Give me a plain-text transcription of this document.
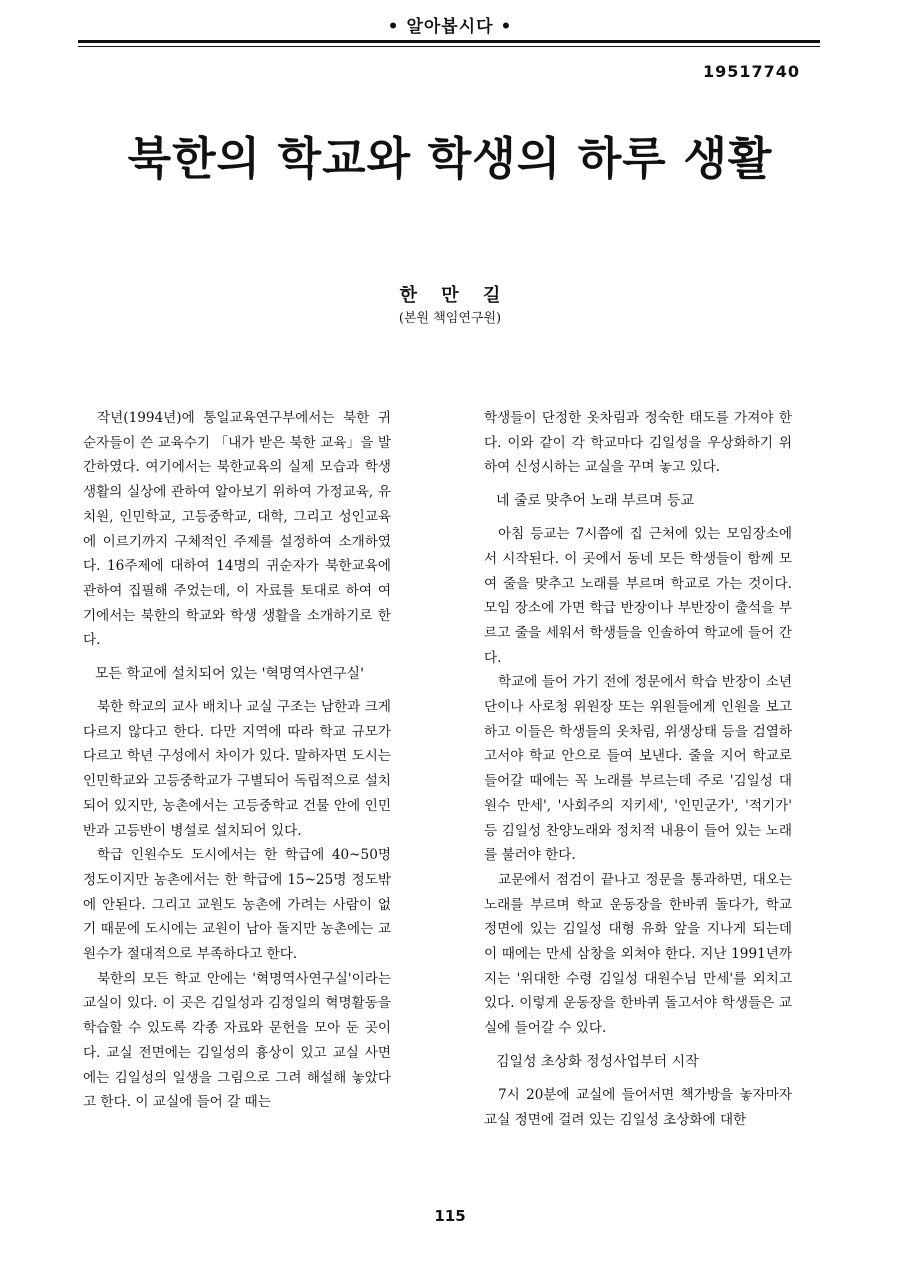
• 알아봅시다 •
19517740
북한의 학교와 학생의 하루 생활
한 만 길
(본원 책임연구원)

작년(1994년)에 통일교육연구부에서는 북한 귀순자들이 쓴 교육수기 「내가 받은 북한 교육」을 발간하였다. 여기에서는 북한교육의 실제 모습과 학생생활의 실상에 관하여 알아보기 위하여 가정교육, 유치원, 인민학교, 고등중학교, 대학, 그리고 성인교육에 이르기까지 구체적인 주제를 설정하여 소개하였다. 16주제에 대하여 14명의 귀순자가 북한교육에 관하여 집필해 주었는데, 이 자료를 토대로 하여 여기에서는 북한의 학교와 학생 생활을 소개하기로 한다.

모든 학교에 설치되어 있는 '혁명역사연구실'

북한 학교의 교사 배치나 교실 구조는 남한과 크게 다르지 않다고 한다. 다만 지역에 따라 학교 규모가 다르고 학년 구성에서 차이가 있다. 말하자면 도시는 인민학교와 고등중학교가 구별되어 독립적으로 설치되어 있지만, 농촌에서는 고등중학교 건물 안에 인민반과 고등반이 병설로 설치되어 있다.

학급 인원수도 도시에서는 한 학급에 40~50명 정도이지만 농촌에서는 한 학급에 15~25명 정도밖에 안된다. 그리고 교원도 농촌에 가려는 사람이 없기 때문에 도시에는 교원이 남아 돌지만 농촌에는 교원수가 절대적으로 부족하다고 한다.

북한의 모든 학교 안에는 '혁명역사연구실'이라는 교실이 있다. 이 곳은 김일성과 김정일의 혁명활동을 학습할 수 있도록 각종 자료와 문헌을 모아 둔 곳이다. 교실 전면에는 김일성의 흉상이 있고 교실 사면에는 김일성의 일생을 그림으로 그려 해설해 놓았다고 한다. 이 교실에 들어 갈 때는

학생들이 단정한 옷차림과 정숙한 태도를 가져야 한다. 이와 같이 각 학교마다 김일성을 우상화하기 위하여 신성시하는 교실을 꾸며 놓고 있다.

네 줄로 맞추어 노래 부르며 등교

아침 등교는 7시쯤에 집 근처에 있는 모임장소에서 시작된다. 이 곳에서 동네 모든 학생들이 함께 모여 줄을 맞추고 노래를 부르며 학교로 가는 것이다. 모임 장소에 가면 학급 반장이나 부반장이 출석을 부르고 줄을 세워서 학생들을 인솔하여 학교에 들어 간다.

학교에 들어 가기 전에 정문에서 학습 반장이 소년단이나 사로청 위원장 또는 위원들에게 인원을 보고하고 이들은 학생들의 옷차림, 위생상태 등을 검열하고서야 학교 안으로 들여 보낸다. 줄을 지어 학교로 들어갈 때에는 꼭 노래를 부르는데 주로 '김일성 대원수 만세', '사회주의 지키세', '인민군가', '적기가' 등 김일성 찬양노래와 정치적 내용이 들어 있는 노래를 불러야 한다.

교문에서 점검이 끝나고 정문을 통과하면, 대오는 노래를 부르며 학교 운동장을 한바퀴 돌다가, 학교 정면에 있는 김일성 대형 유화 앞을 지나게 되는데 이 때에는 만세 삼창을 외쳐야 한다. 지난 1991년까지는 '위대한 수령 김일성 대원수님 만세'를 외치고 있다. 이렇게 운동장을 한바퀴 돌고서야 학생들은 교실에 들어갈 수 있다.

김일성 초상화 정성사업부터 시작

7시 20분에 교실에 들어서면 책가방을 놓자마자 교실 정면에 걸려 있는 김일성 초상화에 대한

115
